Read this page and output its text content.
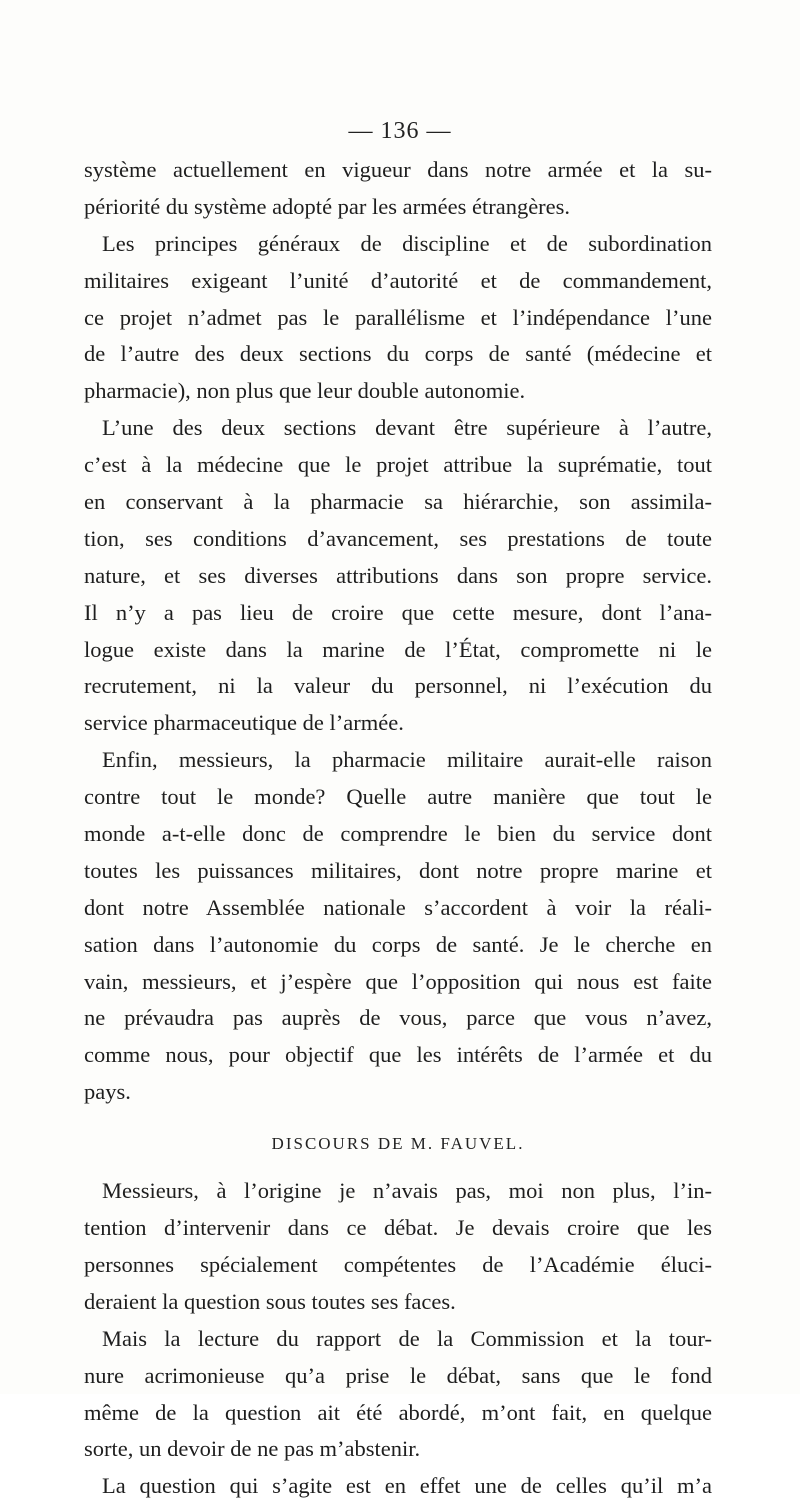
— 136 —
système actuellement en vigueur dans notre armée et la su-
périorité du système adopté par les armées étrangères.
Les principes généraux de discipline et de subordination
militaires exigeant l’unité d’autorité et de commandement,
ce projet n’admet pas le parallélisme et l’indépendance l’une
de l’autre des deux sections du corps de santé (médecine et
pharmacie), non plus que leur double autonomie.
L’une des deux sections devant être supérieure à l’autre,
c’est à la médecine que le projet attribue la suprématie, tout
en conservant à la pharmacie sa hiérarchie, son assimila-
tion, ses conditions d’avancement, ses prestations de toute
nature, et ses diverses attributions dans son propre service.
Il n’y a pas lieu de croire que cette mesure, dont l’ana-
logue existe dans la marine de l’État, compromette ni le
recrutement, ni la valeur du personnel, ni l’exécution du
service pharmaceutique de l’armée.
Enfin, messieurs, la pharmacie militaire aurait-elle raison
contre tout le monde? Quelle autre manière que tout le
monde a-t-elle donc de comprendre le bien du service dont
toutes les puissances militaires, dont notre propre marine et
dont notre Assemblée nationale s’accordent à voir la réali-
sation dans l’autonomie du corps de santé. Je le cherche en
vain, messieurs, et j’espère que l’opposition qui nous est faite
ne prévaudra pas auprès de vous, parce que vous n’avez,
comme nous, pour objectif que les intérêts de l’armée et du
pays.
DISCOURS DE M. FAUVEL.
Messieurs, à l’origine je n’avais pas, moi non plus, l’in-
tention d’intervenir dans ce débat. Je devais croire que les
personnes spécialement compétentes de l’Académie éluci-
deraient la question sous toutes ses faces.
Mais la lecture du rapport de la Commission et la tour-
nure acrimonieuse qu’a prise le débat, sans que le fond
même de la question ait été abordé, m’ont fait, en quelque
sorte, un devoir de ne pas m’abstenir.
La question qui s’agite est en effet une de celles qu’il m’a
